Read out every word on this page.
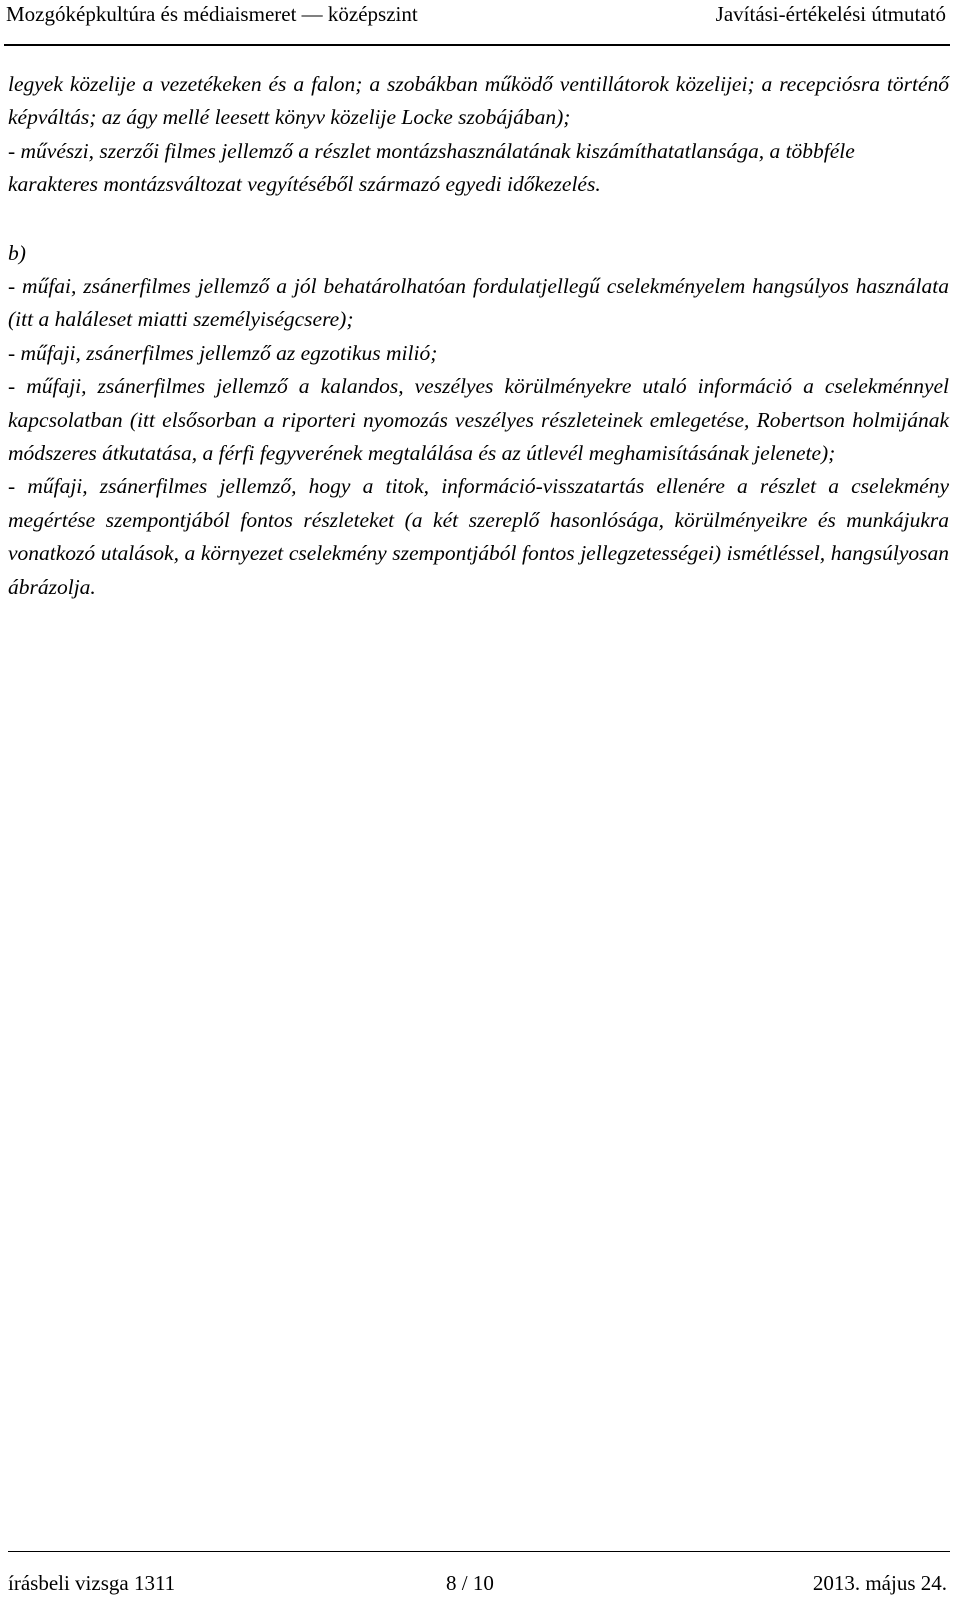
Mozgóképkultúra és médiaismeret — középszint	Javítási-értékelési útmutató

legyek közelije a vezetékeken és a falon; a szobákban működő ventillátorok közelijei; a recepciósra történő képváltás; az ágy mellé leesett könyv közelije Locke szobájában);

- művészi, szerzői filmes jellemző a részlet montázshasználatának kiszámíthatatlansága, a többféle karakteres montázsváltozat vegyítéséből származó egyedi időkezelés.

b)

- műfai, zsánerfilmes jellemző a jól behatárolhatóan fordulatjellegű cselekményelem hangsúlyos használata (itt a haláleset miatti személyiségcsere);

- műfaji, zsánerfilmes jellemző az egzotikus milió;

- műfaji, zsánerfilmes jellemző a kalandos, veszélyes körülményekre utaló információ a cselekménnyel kapcsolatban (itt elsősorban a riporteri nyomozás veszélyes részleteinek emlegetése, Robertson holmijának módszeres átkutatása, a férfi fegyverének megtalálása és az útlevél meghamisításának jelenete);

- műfaji, zsánerfilmes jellemző, hogy a titok, információ-visszatartás ellenére a részlet a cselekmény megértése szempontjából fontos részleteket (a két szereplő hasonlósága, körülményeikre és munkájukra vonatkozó utalások, a környezet cselekmény szempontjából fontos jellegzetességei) ismétléssel, hangsúlyosan ábrázolja.

írásbeli vizsga 1311	8 / 10	2013. május 24.
